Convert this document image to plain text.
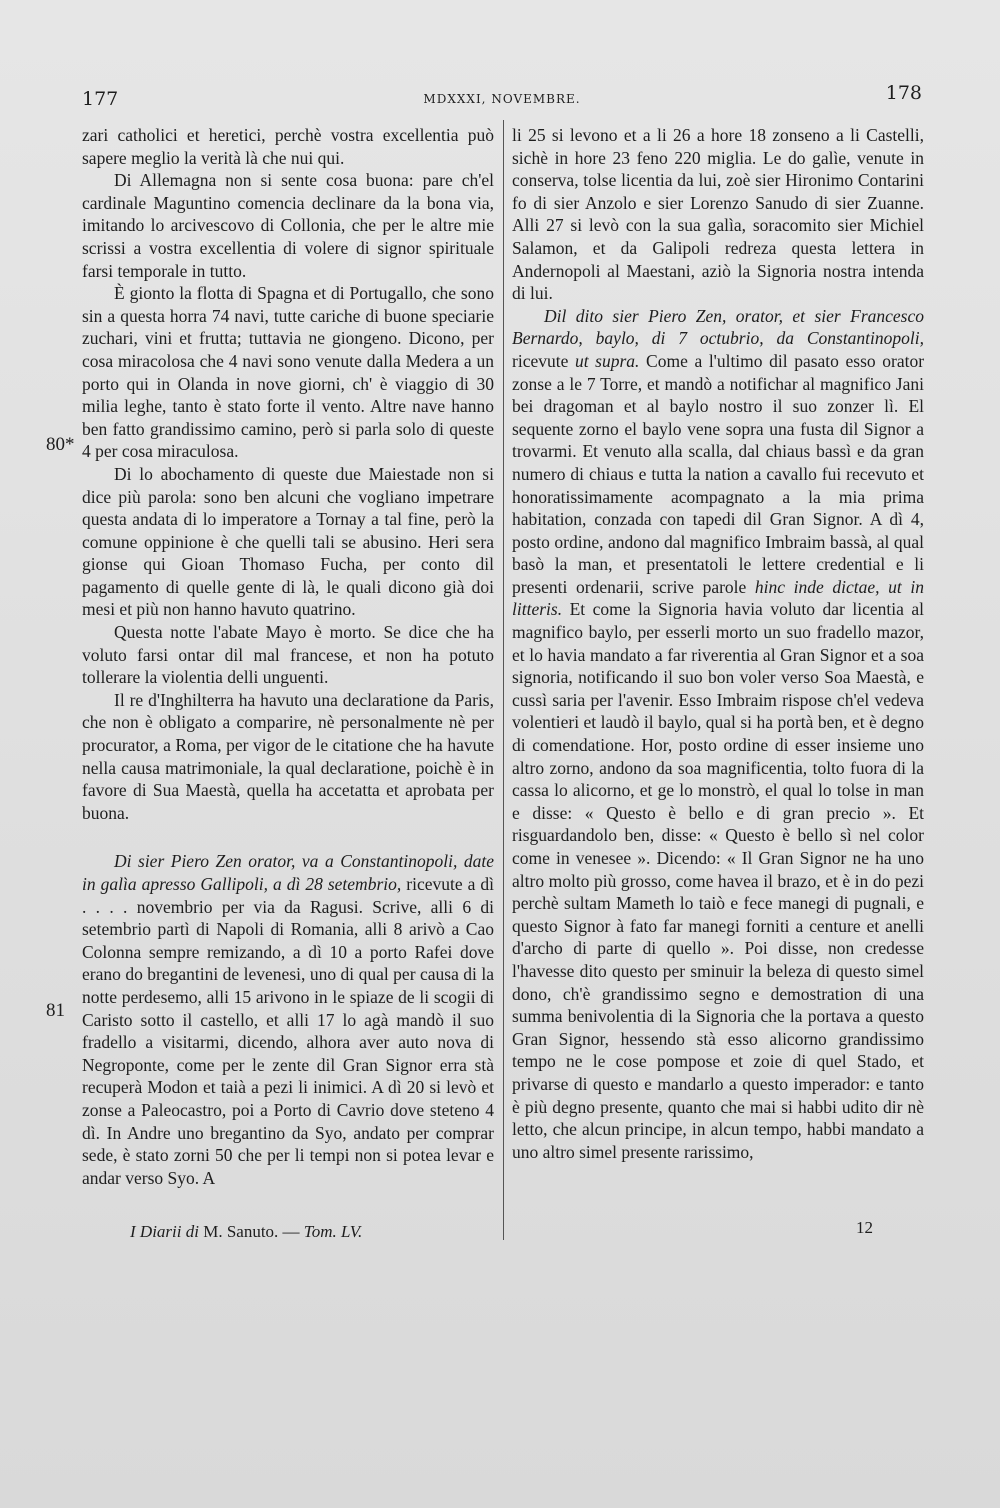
177	MDXXXI, NOVEMBRE.	178
80*
81

zari catholici et heretici, perchè vostra excellentia può sapere meglio la verità là che nui qui.

Di Allemagna non si sente cosa buona: pare ch'el cardinale Maguntino comencia declinare da la bona via, imitando lo arcivescovo di Collonia, che per le altre mie scrissi a vostra excellentia di volere di signor spirituale farsi temporale in tutto.

È gionto la flotta di Spagna et di Portugallo, che sono sin a questa horra 74 navi, tutte cariche di buone speciarie zuchari, vini et frutta; tuttavia ne giongeno. Dicono, per cosa miracolosa che 4 navi sono venute dalla Medera a un porto qui in Olanda in nove giorni, ch' è viaggio di 30 milia leghe, tanto è stato forte il vento. Altre nave hanno ben fatto grandissimo camino, però si parla solo di queste 4 per cosa miraculosa.

Di lo abochamento di queste due Maiestade non si dice più parola: sono ben alcuni che vogliano impetrare questa andata di lo imperatore a Tornay a tal fine, però la comune oppinione è che quelli tali se abusino. Heri sera gionse qui Gioan Thomaso Fucha, per conto dil pagamento di quelle gente di là, le quali dicono già doi mesi et più non hanno havuto quatrino.

Questa notte l'abate Mayo è morto. Se dice che ha voluto farsi ontar dil mal francese, et non ha potuto tollerare la violentia delli unguenti.

Il re d'Inghilterra ha havuto una declaratione da Paris, che non è obligato a comparire, nè personalmente nè per procurator, a Roma, per vigor de le citatione che ha havute nella causa matrimoniale, la qual declaratione, poichè è in favore di Sua Maestà, quella ha accetatta et aprobata per buona.

Di sier Piero Zen orator, va a Constantinopoli, date in galìa apresso Gallipoli, a dì 28 setembrio, ricevute a dì . . . . novembrio per via da Ragusi. Scrive, alli 6 di setembrio partì di Napoli di Romania, alli 8 arivò a Cao Colonna sempre remizando, a dì 10 a porto Rafei dove erano do bregantini de levenesi, uno di qual per causa di la notte perdesemo, alli 15 arivono in le spiaze de li scogii di Caristo sotto il castello, et alli 17 lo agà mandò il suo fradello a visitarmi, dicendo, alhora aver auto nova di Negroponte, come per le zente dil Gran Signor erra stà recuperà Modon et taià a pezi li inimici. A dì 20 si levò et zonse a Paleocastro, poi a Porto di Cavrio dove steteno 4 dì. In Andre uno bregantino da Syo, andato per comprar sede, è stato zorni 50 che per li tempi non si potea levar e andar verso Syo. A

li 25 si levono et a li 26 a hore 18 zonseno a li Castelli, sichè in hore 23 feno 220 miglia. Le do galìe, venute in conserva, tolse licentia da lui, zoè sier Hironimo Contarini fo di sier Anzolo e sier Lorenzo Sanudo di sier Zuanne. Alli 27 si levò con la sua galìa, soracomito sier Michiel Salamon, et da Galipoli redreza questa lettera in Andernopoli al Maestani, aziò la Signoria nostra intenda di lui.

Dil dito sier Piero Zen, orator, et sier Francesco Bernardo, baylo, di 7 octubrio, da Constantinopoli, ricevute ut supra. Come a l'ultimo dil pasato esso orator zonse a le 7 Torre, et mandò a notifichar al magnifico Jani bei dragoman et al baylo nostro il suo zonzer lì. El sequente zorno el baylo vene sopra una fusta dil Signor a trovarmi. Et venuto alla scalla, dal chiaus bassì e da gran numero di chiaus e tutta la nation a cavallo fui recevuto et honoratissimamente acompagnato a la mia prima habitation, conzada con tapedi dil Gran Signor. A dì 4, posto ordine, andono dal magnifico Imbraim bassà, al qual basò la man, et presentatoli le lettere credential e li presenti ordenarii, scrive parole hinc inde dictae, ut in litteris. Et come la Signoria havia voluto dar licentia al magnifico baylo, per esserli morto un suo fradello mazor, et lo havia mandato a far riverentia al Gran Signor et a soa signoria, notificando il suo bon voler verso Soa Maestà, e cussì saria per l'avenir. Esso Imbraim rispose ch'el vedeva volentieri et laudò il baylo, qual si ha portà ben, et è degno di comendatione. Hor, posto ordine di esser insieme uno altro zorno, andono da soa magnificentia, tolto fuora di la cassa lo alicorno, et ge lo monstrò, el qual lo tolse in man e disse: « Questo è bello e di gran precio ». Et risguardandolo ben, disse: « Questo è bello sì nel color come in venesee ». Dicendo: « Il Gran Signor ne ha uno altro molto più grosso, come havea il brazo, et è in do pezi perchè sultam Mameth lo taiò e fece manegi di pugnali, e questo Signor à fato far manegi forniti a centure et anelli d'archo di parte di quello ». Poi disse, non credesse l'havesse dito questo per sminuir la beleza di questo simel dono, ch'è grandissimo segno e demostration di una summa benivolentia di la Signoria che la portava a questo Gran Signor, hessendo stà esso alicorno grandissimo tempo ne le cose pompose et zoie di quel Stado, et privarse di questo e mandarlo a questo imperador: e tanto è più degno presente, quanto che mai si habbi udito dir nè letto, che alcun principe, in alcun tempo, habbi mandato a uno altro simel presente rarissimo,

I Diarii di M. Sanuto. — Tom. LV.	12
